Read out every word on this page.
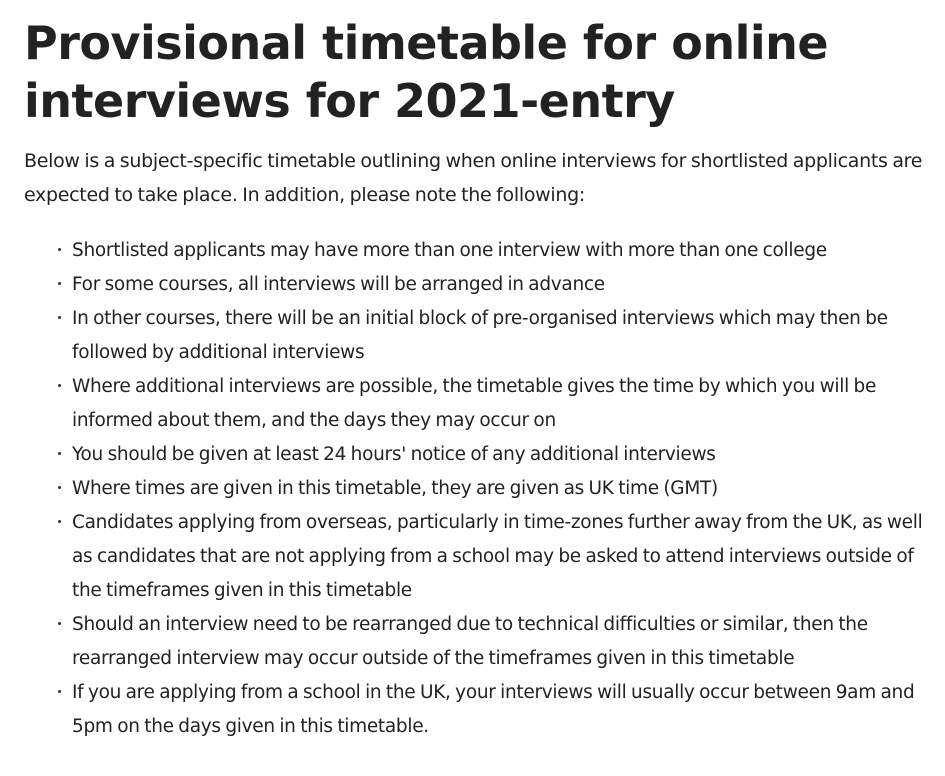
Provisional timetable for online interviews for 2021-entry

Below is a subject-specific timetable outlining when online interviews for shortlisted applicants are expected to take place. In addition, please note the following:

Shortlisted applicants may have more than one interview with more than one college
For some courses, all interviews will be arranged in advance
In other courses, there will be an initial block of pre-organised interviews which may then be followed by additional interviews
Where additional interviews are possible, the timetable gives the time by which you will be informed about them, and the days they may occur on
You should be given at least 24 hours' notice of any additional interviews
Where times are given in this timetable, they are given as UK time (GMT)
Candidates applying from overseas, particularly in time-zones further away from the UK, as well as candidates that are not applying from a school may be asked to attend interviews outside of the timeframes given in this timetable
Should an interview need to be rearranged due to technical difficulties or similar, then the rearranged interview may occur outside of the timeframes given in this timetable
If you are applying from a school in the UK, your interviews will usually occur between 9am and 5pm on the days given in this timetable.
